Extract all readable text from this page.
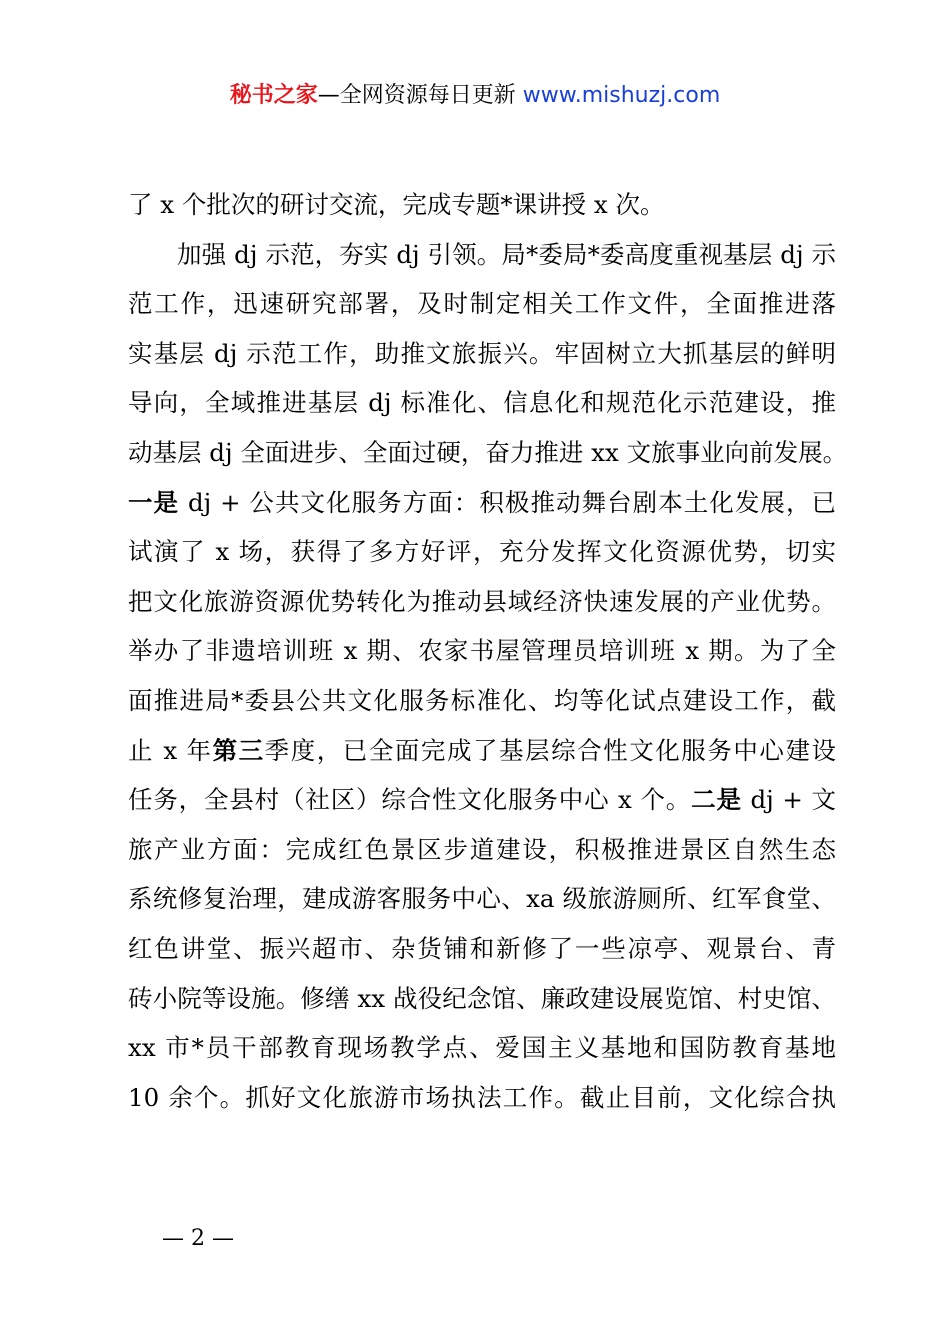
秘书之家—全网资源每日更新 www.mishuzj.com
了 x 个批次的研讨交流，完成专题*课讲授 x 次。
加强 dj 示范，夯实 dj 引领。局*委局*委高度重视基层 dj 示
范工作，迅速研究部署，及时制定相关工作文件，全面推进落
实基层 dj 示范工作，助推文旅振兴。牢固树立大抓基层的鲜明
导向，全域推进基层 dj 标准化、信息化和规范化示范建设，推
动基层 dj 全面进步、全面过硬，奋力推进 xx 文旅事业向前发展。
一是 dj + 公共文化服务方面：积极推动舞台剧本土化发展，已
试演了 x 场，获得了多方好评，充分发挥文化资源优势，切实
把文化旅游资源优势转化为推动县域经济快速发展的产业优势。
举办了非遗培训班 x 期、农家书屋管理员培训班 x 期。为了全
面推进局*委县公共文化服务标准化、均等化试点建设工作，截
止 x 年第三季度，已全面完成了基层综合性文化服务中心建设
任务，全县村（社区）综合性文化服务中心 x 个。二是 dj + 文
旅产业方面：完成红色景区步道建设，积极推进景区自然生态
系统修复治理，建成游客服务中心、xa 级旅游厕所、红军食堂、
红色讲堂、振兴超市、杂货铺和新修了一些凉亭、观景台、青
砖小院等设施。修缮 xx 战役纪念馆、廉政建设展览馆、村史馆、
xx 市*员干部教育现场教学点、爱国主义基地和国防教育基地
10 余个。抓好文化旅游市场执法工作。截止目前，文化综合执
— 2 —
